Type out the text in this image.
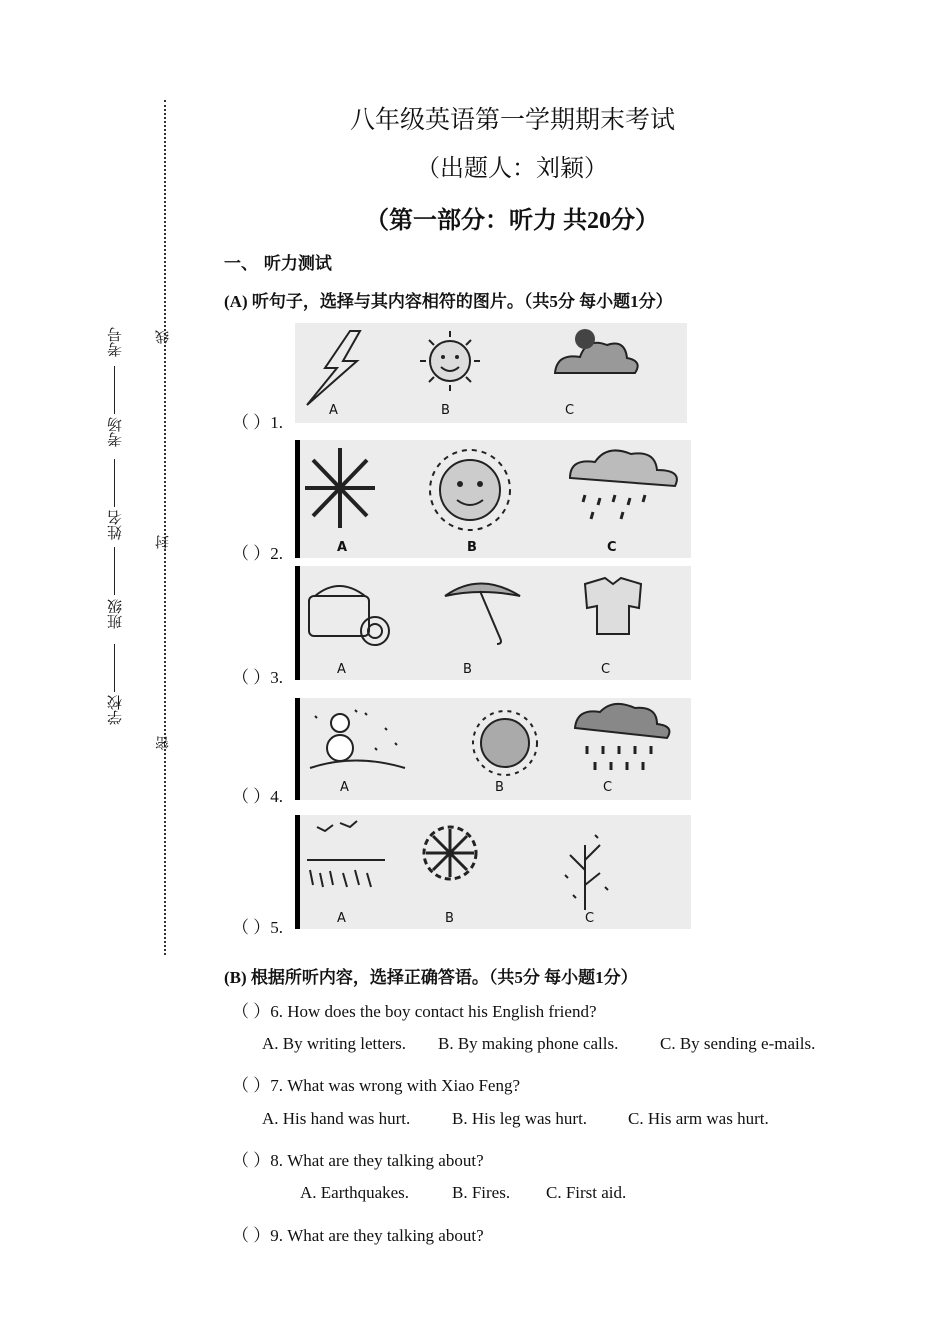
线
封
密
学校
班级
姓名
考场
考号
八年级英语第一学期期末考试
（出题人：刘颖）
（第一部分：听力 共20分）
一、 听力测试
(A) 听句子，选择与其内容相符的图片。（共5分 每小题1分）
A	B	C
（ ）1.
A	B	C
（ ）2.
A	B	C
（ ）3.
A	B	C
（ ）4.
A	B	C
（ ）5.
(B) 根据所听内容，选择正确答语。（共5分 每小题1分）
（ ）6. How does the boy contact his English friend?
A. By writing letters. B. By making phone calls. C. By sending e-mails.
（ ）7. What was wrong with Xiao Feng?
A. His hand was hurt. B. His leg was hurt. C. His arm was hurt.
（ ）8. What are they talking about?
A. Earthquakes.	B. Fires. C. First aid.
（ ）9. What are they talking about?
